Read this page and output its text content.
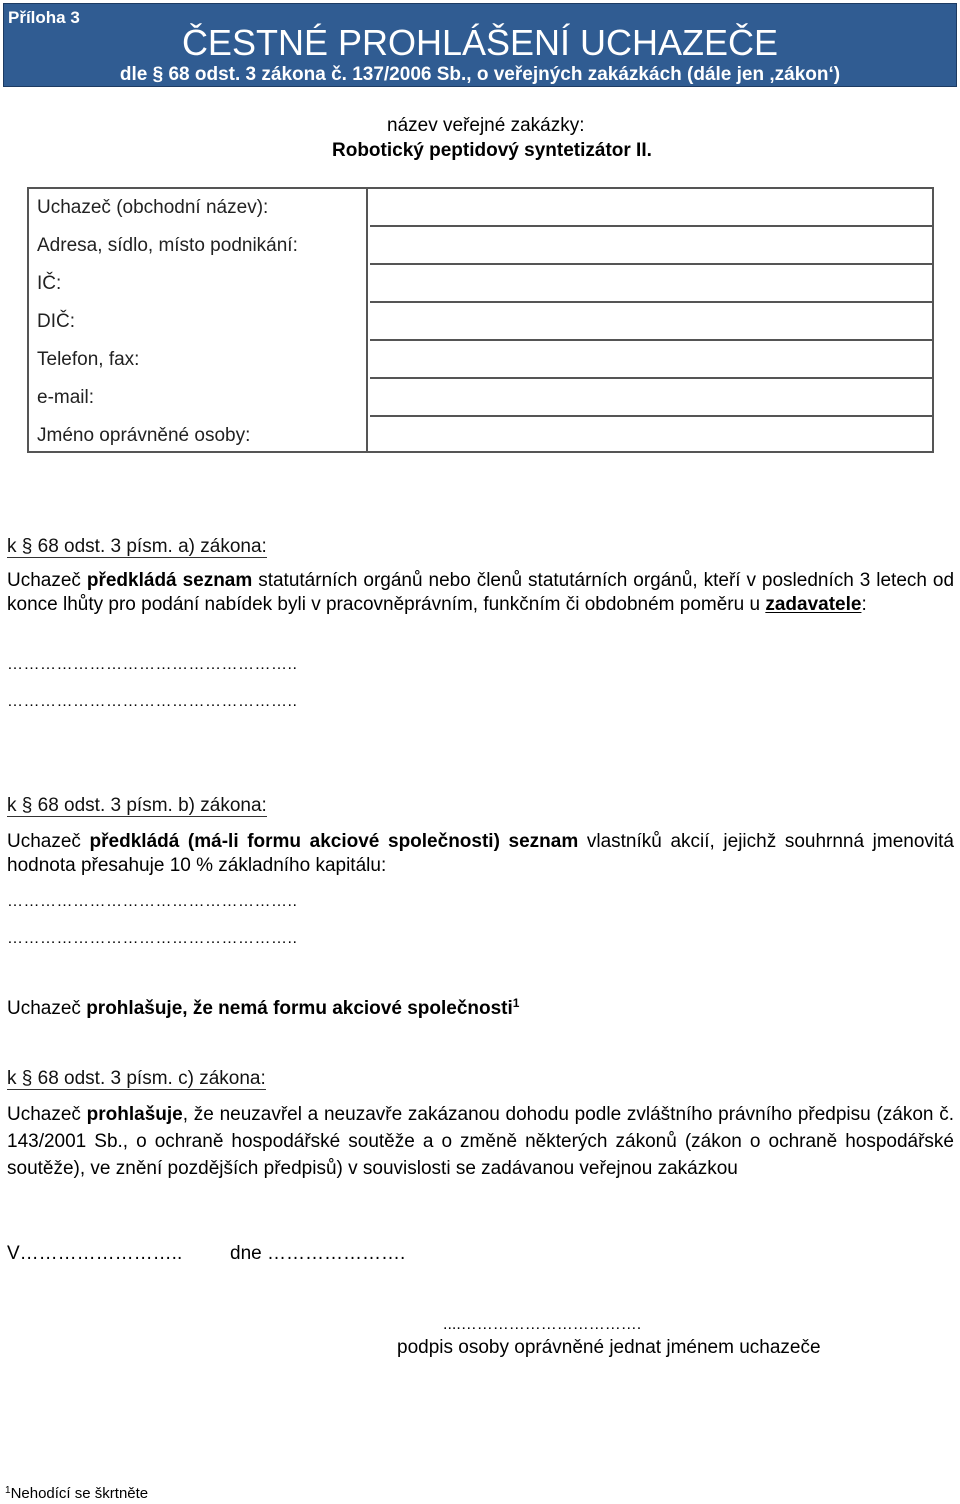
Příloha 3
ČESTNÉ PROHLÁŠENÍ UCHAZEČE
dle § 68 odst. 3 zákona č. 137/2006 Sb., o veřejných zakázkách (dále jen ‚zákon‘)
název veřejné zakázky:
Robotický peptidový syntetizátor II.
Uchazeč (obchodní název):
Adresa, sídlo, místo podnikání:
IČ:
DIČ:
Telefon, fax:
e-mail:
Jméno oprávněné osoby:
k § 68 odst. 3 písm. a) zákona:
Uchazeč předkládá seznam statutárních orgánů nebo členů statutárních orgánů, kteří v posledních 3 letech od konce lhůty pro podání nabídek byli v pracovněprávním, funkčním či obdobném poměru u zadavatele:
……………………………………………..
……………………………………………..
k § 68 odst. 3 písm. b) zákona:
Uchazeč předkládá (má-li formu akciové společnosti) seznam vlastníků akcií, jejichž souhrnná jmenovitá hodnota přesahuje 10 % základního kapitálu:
……………………………………………..
……………………………………………..
Uchazeč prohlašuje, že nemá formu akciové společnosti$^1$
k § 68 odst. 3 písm. c) zákona:
Uchazeč prohlašuje, že neuzavřel a neuzavře zakázanou dohodu podle zvláštního právního předpisu (zákon č. 143/2001 Sb., o ochraně hospodářské soutěže a o změně některých zákonů (zákon o ochraně hospodářské soutěže), ve znění pozdějších předpisů) v souvislosti se zadávanou veřejnou zakázkou
V……………………..	dne ………………….
....…………………………….
podpis osoby oprávněné jednat jménem uchazeče
$^1$Nehodící se škrtněte
